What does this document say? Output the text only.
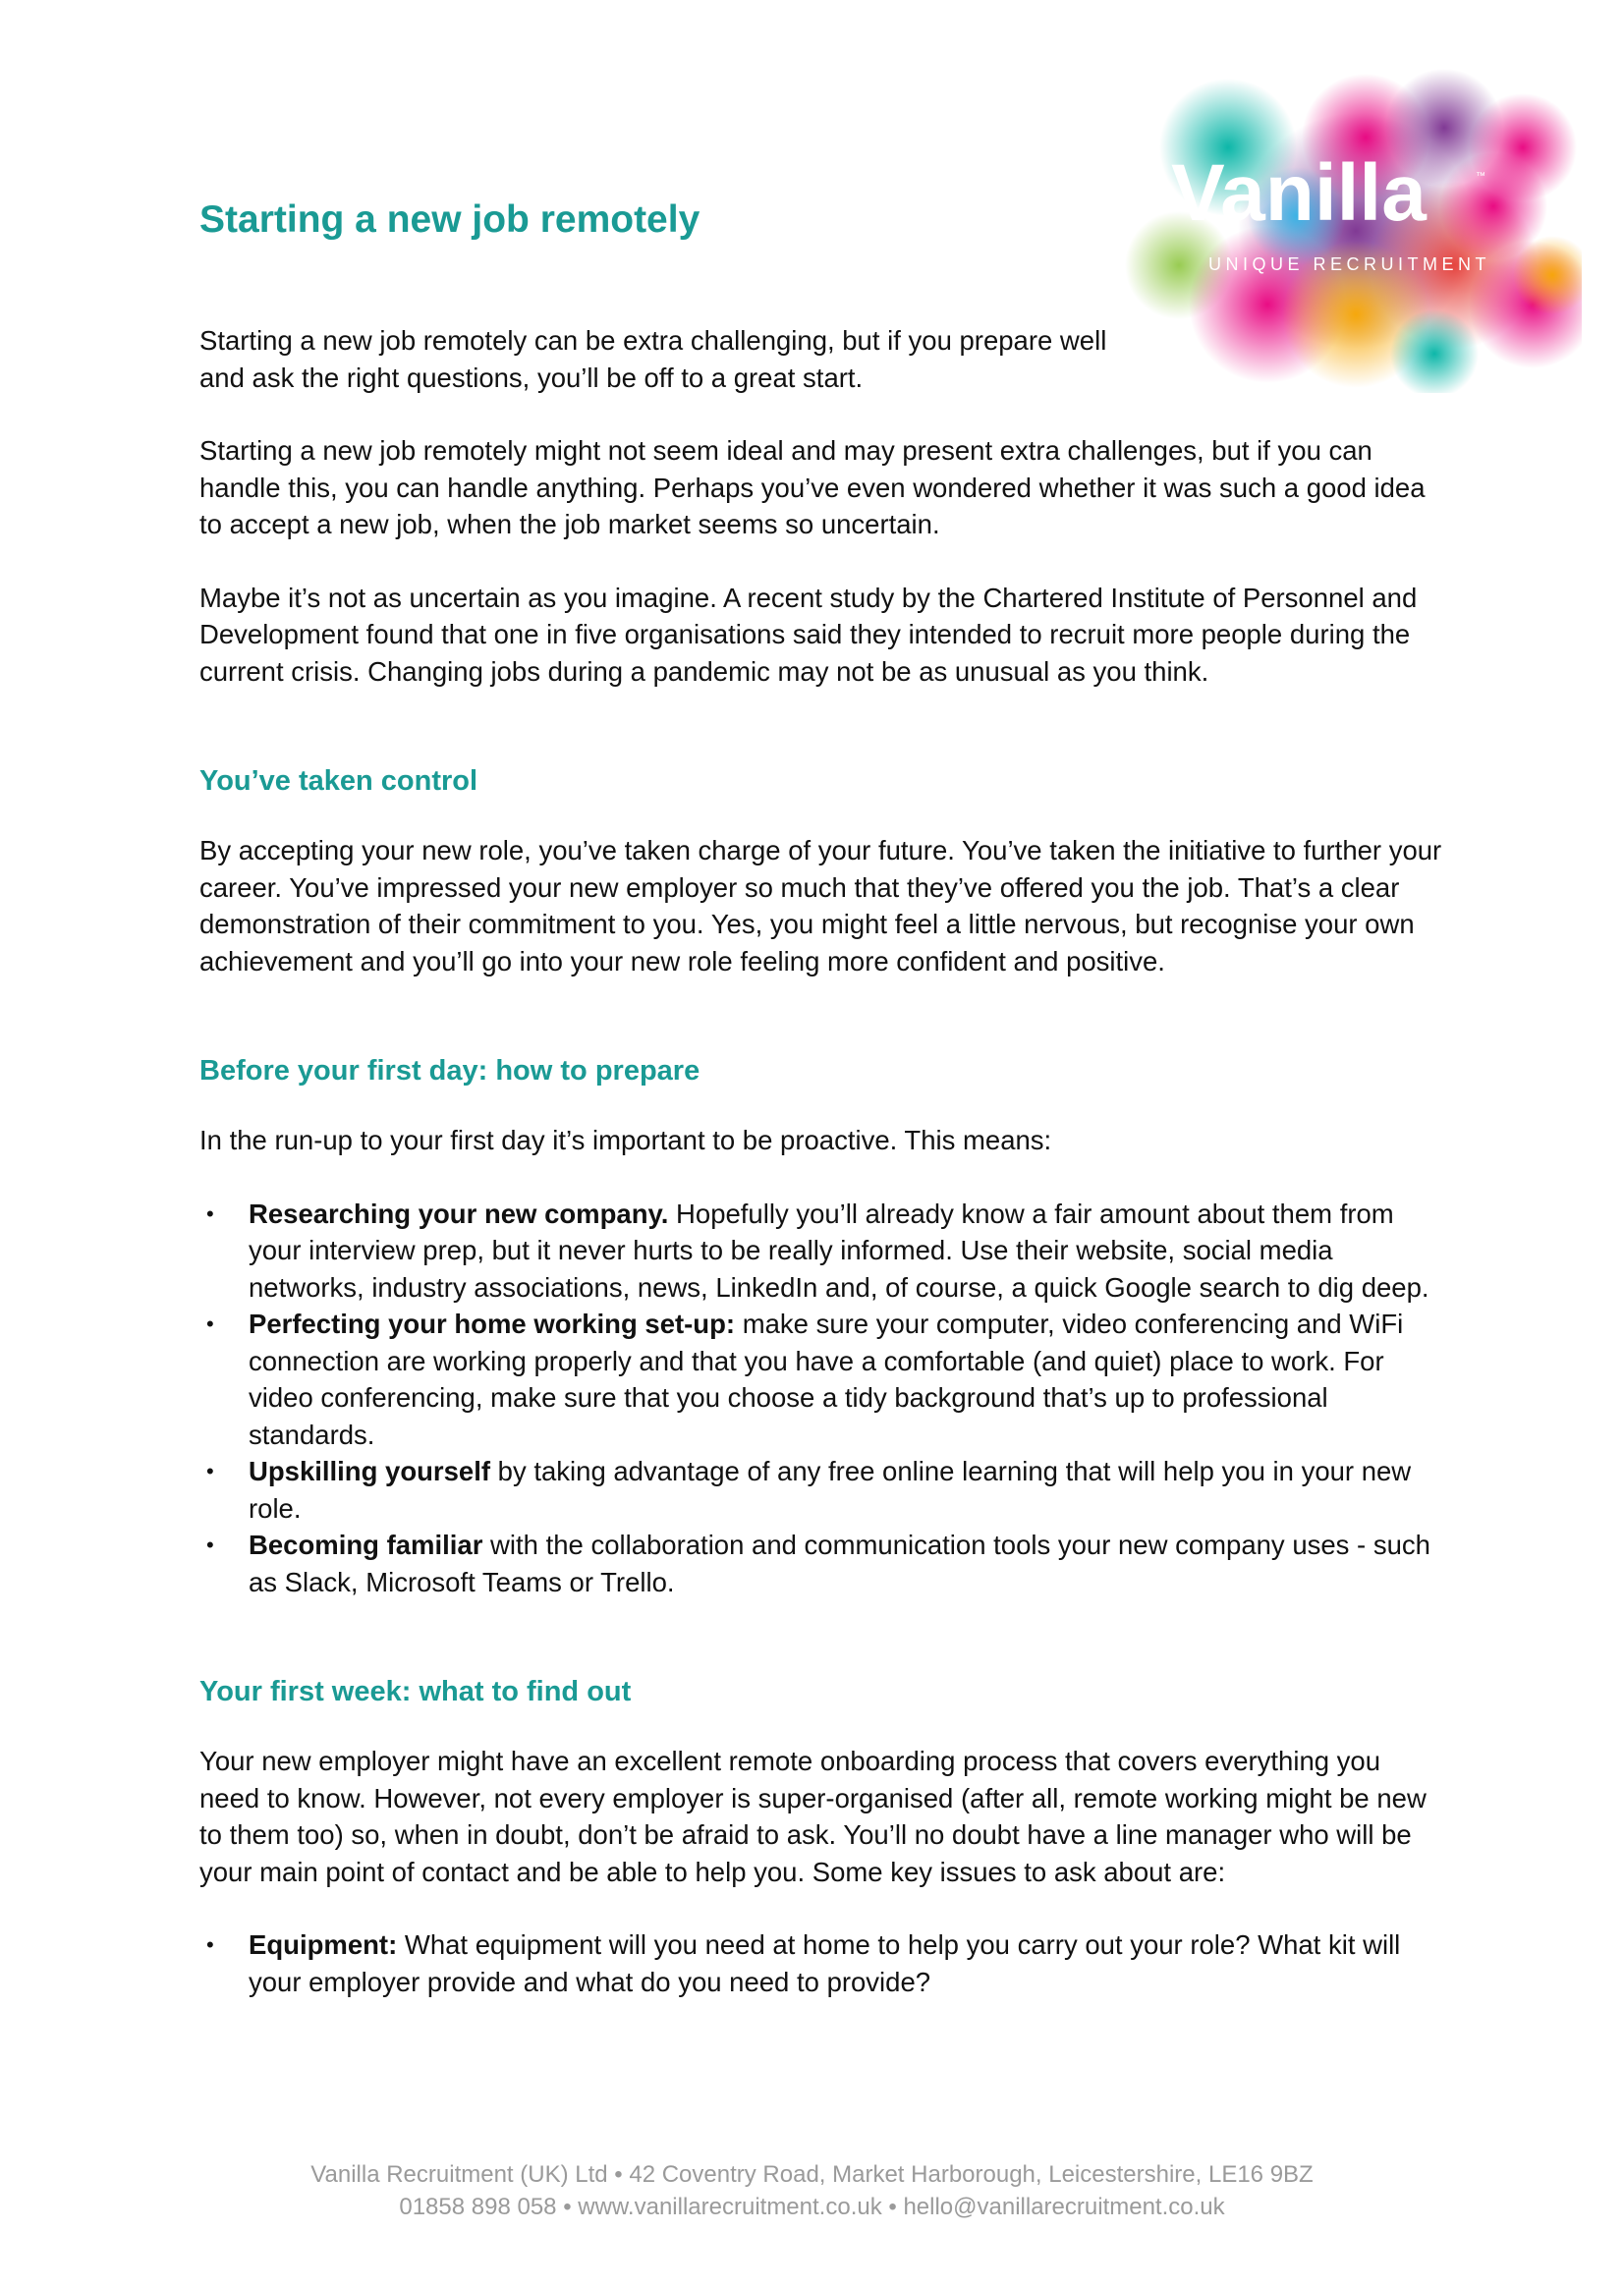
Vanilla	™
UNIQUE RECRUITMENT
Starting a new job remotely

Starting a new job remotely can be extra challenging, but if you prepare well and ask the right questions, you’ll be off to a great start.

Starting a new job remotely might not seem ideal and may present extra challenges, but if you can handle this, you can handle anything. Perhaps you’ve even wondered whether it was such a good idea to accept a new job, when the job market seems so uncertain.

Maybe it’s not as uncertain as you imagine. A recent study by the Chartered Institute of Personnel and Development found that one in five organisations said they intended to recruit more people during the current crisis. Changing jobs during a pandemic may not be as unusual as you think.

You’ve taken control

By accepting your new role, you’ve taken charge of your future. You’ve taken the initiative to further your career. You’ve impressed your new employer so much that they’ve offered you the job. That’s a clear demonstration of their commitment to you. Yes, you might feel a little nervous, but recognise your own achievement and you’ll go into your new role feeling more confident and positive.

Before your first day: how to prepare

In the run-up to your first day it’s important to be proactive. This means:

• Researching your new company. Hopefully you’ll already know a fair amount about them from your interview prep, but it never hurts to be really informed. Use their website, social media networks, industry associations, news, LinkedIn and, of course, a quick Google search to dig deep.
• Perfecting your home working set-up: make sure your computer, video conferencing and WiFi connection are working properly and that you have a comfortable (and quiet) place to work. For video conferencing, make sure that you choose a tidy background that’s up to professional standards.
• Upskilling yourself by taking advantage of any free online learning that will help you in your new role.
• Becoming familiar with the collaboration and communication tools your new company uses - such as Slack, Microsoft Teams or Trello.
Your first week: what to find out

Your new employer might have an excellent remote onboarding process that covers everything you need to know. However, not every employer is super-organised (after all, remote working might be new to them too) so, when in doubt, don’t be afraid to ask. You’ll no doubt have a line manager who will be your main point of contact and be able to help you. Some key issues to ask about are:

• Equipment: What equipment will you need at home to help you carry out your role? What kit will your employer provide and what do you need to provide?
Vanilla Recruitment (UK) Ltd • 42 Coventry Road, Market Harborough, Leicestershire, LE16 9BZ
01858 898 058 • www.vanillarecruitment.co.uk • hello@vanillarecruitment.co.uk
